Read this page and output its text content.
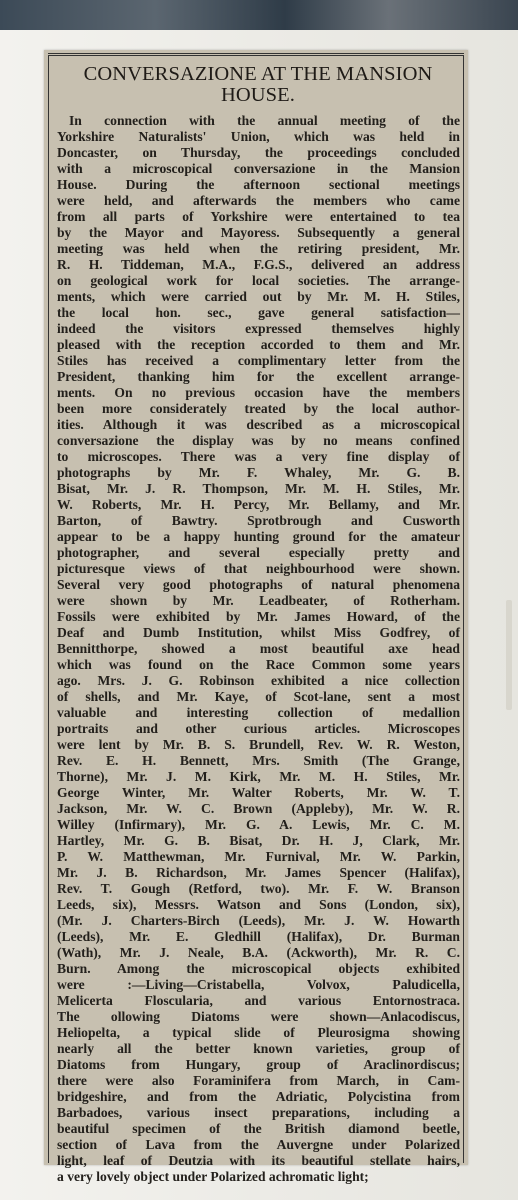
CONVERSAZIONE AT THE MANSION
HOUSE.
In connection with the annual meeting of the
Yorkshire Naturalists' Union, which was held in
Doncaster, on Thursday, the proceedings concluded
with a microscopical conversazione in the Mansion
House. During the afternoon sectional meetings
were held, and afterwards the members who came
from all parts of Yorkshire were entertained to tea
by the Mayor and Mayoress. Subsequently a general
meeting was held when the retiring president, Mr.
R. H. Tiddeman, M.A., F.G.S., delivered an address
on geological work for local societies. The arrange-
ments, which were carried out by Mr. M. H. Stiles,
the local hon. sec., gave general satisfaction—
indeed the visitors expressed themselves highly
pleased with the reception accorded to them and Mr.
Stiles has received a complimentary letter from the
President, thanking him for the excellent arrange-
ments. On no previous occasion have the members
been more considerately treated by the local author-
ities. Although it was described as a microscopical
conversazione the display was by no means confined
to microscopes. There was a very fine display of
photographs by Mr. F. Whaley, Mr. G. B.
Bisat, Mr. J. R. Thompson, Mr. M. H. Stiles, Mr.
W. Roberts, Mr. H. Percy, Mr. Bellamy, and Mr.
Barton, of Bawtry. Sprotbrough and Cusworth
appear to be a happy hunting ground for the amateur
photographer, and several especially pretty and
picturesque views of that neighbourhood were shown.
Several very good photographs of natural phenomena
were shown by Mr. Leadbeater, of Rotherham.
Fossils were exhibited by Mr. James Howard, of the
Deaf and Dumb Institution, whilst Miss Godfrey, of
Bennitthorpe, showed a most beautiful axe head
which was found on the Race Common some years
ago. Mrs. J. G. Robinson exhibited a nice collection
of shells, and Mr. Kaye, of Scot-lane, sent a most
valuable and interesting collection of medallion
portraits and other curious articles. Microscopes
were lent by Mr. B. S. Brundell, Rev. W. R. Weston,
Rev. E. H. Bennett, Mrs. Smith (The Grange,
Thorne), Mr. J. M. Kirk, Mr. M. H. Stiles, Mr.
George Winter, Mr. Walter Roberts, Mr. W. T.
Jackson, Mr. W. C. Brown (Appleby), Mr. W. R.
Willey (Infirmary), Mr. G. A. Lewis, Mr. C. M.
Hartley, Mr. G. B. Bisat, Dr. H. J, Clark, Mr.
P. W. Matthewman, Mr. Furnival, Mr. W. Parkin,
Mr. J. B. Richardson, Mr. James Spencer (Halifax),
Rev. T. Gough (Retford, two). Mr. F. W. Branson
Leeds, six), Messrs. Watson and Sons (London, six),
(Mr. J. Charters-Birch (Leeds), Mr. J. W. Howarth
(Leeds), Mr. E. Gledhill (Halifax), Dr. Burman
(Wath), Mr. J. Neale, B.A. (Ackworth), Mr. R. C.
Burn. Among the microscopical objects exhibited
were :—Living—Cristabella, Volvox, Paludicella,
Melicerta Floscularia, and various Entornostraca.
The ollowing Diatoms were shown—Anlacodiscus,
Heliopelta, a typical slide of Pleurosigma showing
nearly all the better known varieties, group of
Diatoms from Hungary, group of Araclinordiscus;
there were also Foraminifera from March, in Cam-
bridgeshire, and from the Adriatic, Polycistina from
Barbadoes, various insect preparations, including a
beautiful specimen of the British diamond beetle,
section of Lava from the Auvergne under Polarized
light, leaf of Deutzia with its beautiful stellate hairs,
a very lovely object under Polarized achromatic light;
